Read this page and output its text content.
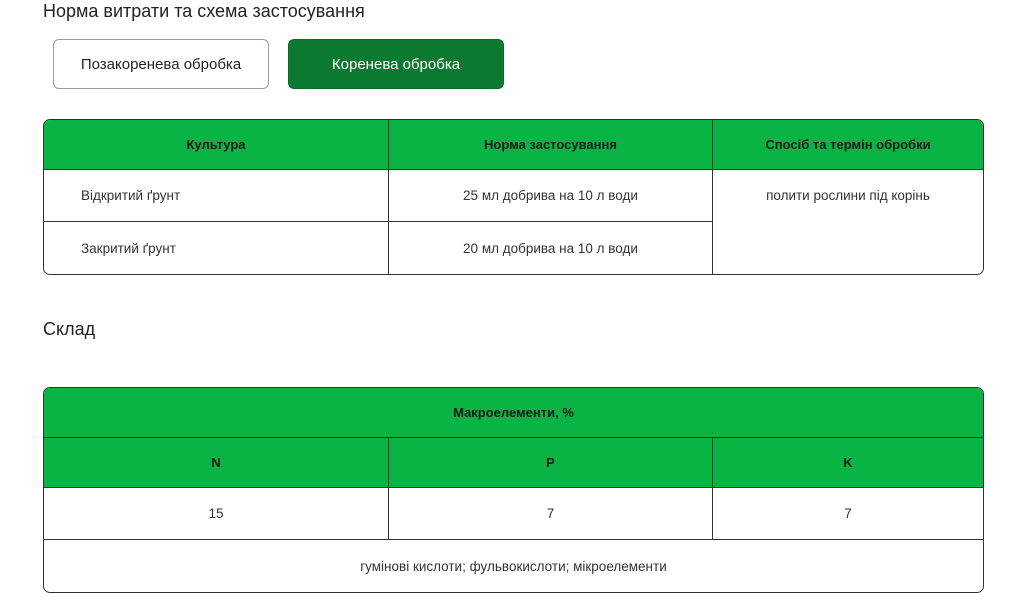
Норма витрати та схема застосування
Позакоренева обробка	Коренева обробка
Культура	Норма застосування	Спосіб та термін обробки
Відкритий ґрунт	25 мл добрива на 10 л води
Закритий ґрунт	20 мл добрива на 10 л води
полити рослини під корінь
Склад
Макроелементи, %
N	P	K
15	7	7
гумінові кислоти; фульвокислоти; мікроелементи
